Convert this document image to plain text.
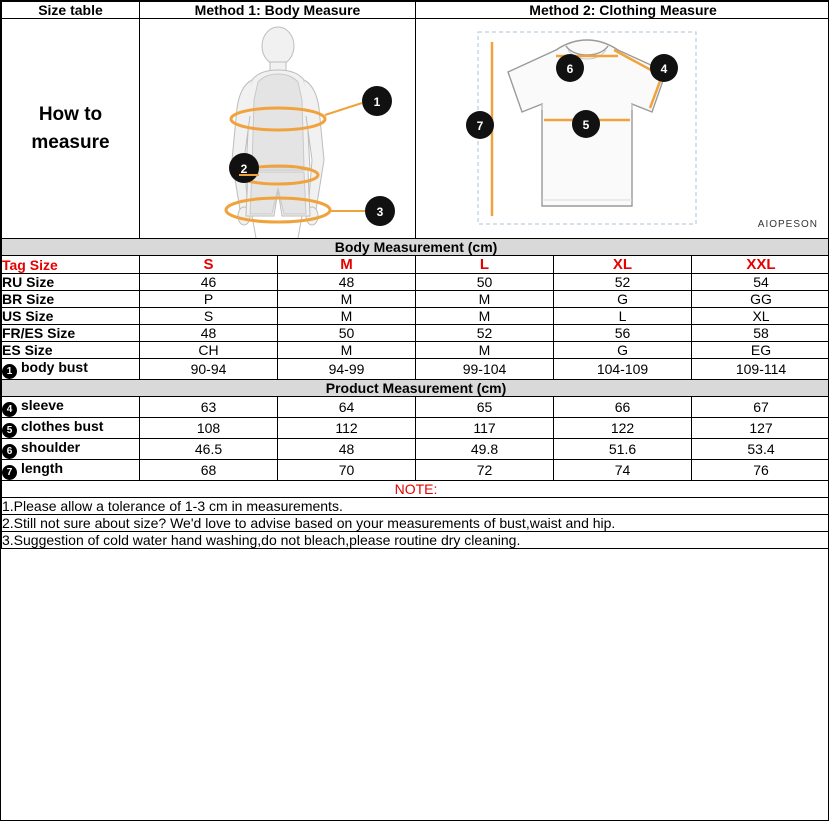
Size table	Method 1: Body Measure		Method 2: Clothing Measure		

How to
measure

1
2
3

6	4
7	5
AIOPESON

Body Measurement (cm)					
Tag Size	S	M	L	XL	XXL
RU Size	46	48	50	52	54
BR Size	P	M	M	G	GG
US Size	S	M	M	L	XL
FR/ES Size	48	50	52	56	58
ES Size	CH	M	M	G	EG
1 body bust	90-94	94-99	99-104	104-109	109-114
Product Measurement (cm)					
4 sleeve	63	64	65	66	67
5 clothes bust	108	112	117	122	127
6 shoulder	46.5	48	49.8	51.6	53.4
7 length	68	70	72	74	76
NOTE:					
1.Please allow a tolerance of 1-3 cm in measurements.					
2.Still not sure about size? We'd love to advise based on your measurements of bust,waist and hip.					
3.Suggestion of cold water hand washing,do not bleach,please routine dry cleaning.					
